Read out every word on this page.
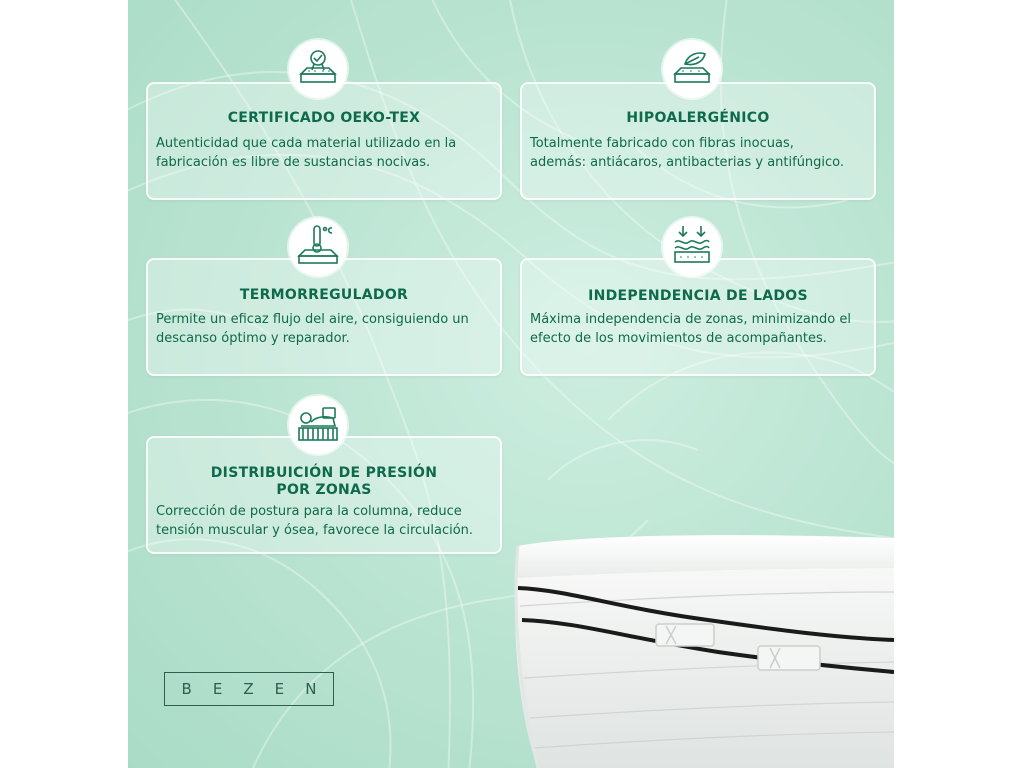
CERTIFICADO OEKO-TEX
Autenticidad que cada material utilizado en la
fabricación es libre de sustancias nocivas.
HIPOALERGÉNICO
Totalmente fabricado con fibras inocuas,
además: antiácaros, antibacterias y antifúngico.
TERMORREGULADOR
Permite un eficaz flujo del aire, consiguiendo un
descanso óptimo y reparador.
INDEPENDENCIA DE LADOS
Máxima independencia de zonas, minimizando el
efecto de los movimientos de acompañantes.
DISTRIBUICIÓN DE PRESIÓN
POR ZONAS
Corrección de postura para la columna, reduce
tensión muscular y ósea, favorece la circulación.
B E Z E N
